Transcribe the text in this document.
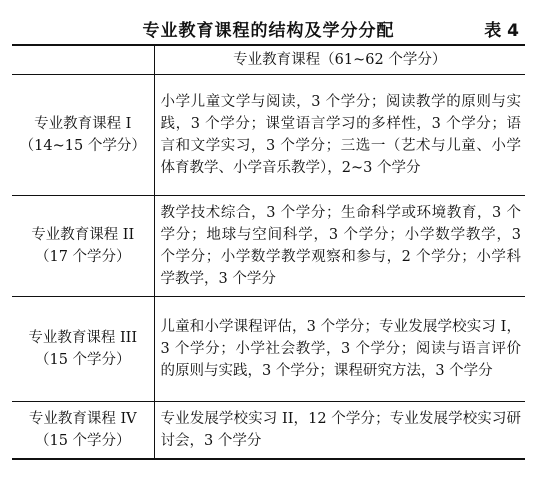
专业教育课程的结构及学分分配	表 4
	专业教育课程（61~62 个学分）

专业教育课程 I
（14~15 个学分）	小学儿童文学与阅读，3 个学分；阅读教学的原则与实践，3 个学分；课堂语言学习的多样性，3 个学分；语言和文学实习，3 个学分；三选一（艺术与儿童、小学体育教学、小学音乐教学），2~3 个学分

专业教育课程 II
（17 个学分）	教学技术综合，3 个学分；生命科学或环境教育，3 个学分；地球与空间科学，3 个学分；小学数学教学，3 个学分；小学数学教学观察和参与，2 个学分；小学科学教学，3 个学分

专业教育课程 III
（15 个学分）	儿童和小学课程评估，3 个学分；专业发展学校实习 I，3 个学分；小学社会教学，3 个学分；阅读与语言评价的原则与实践，3 个学分；课程研究方法，3 个学分

专业教育课程 IV
（15 个学分）	专业发展学校实习 II，12 个学分；专业发展学校实习研讨会，3 个学分
